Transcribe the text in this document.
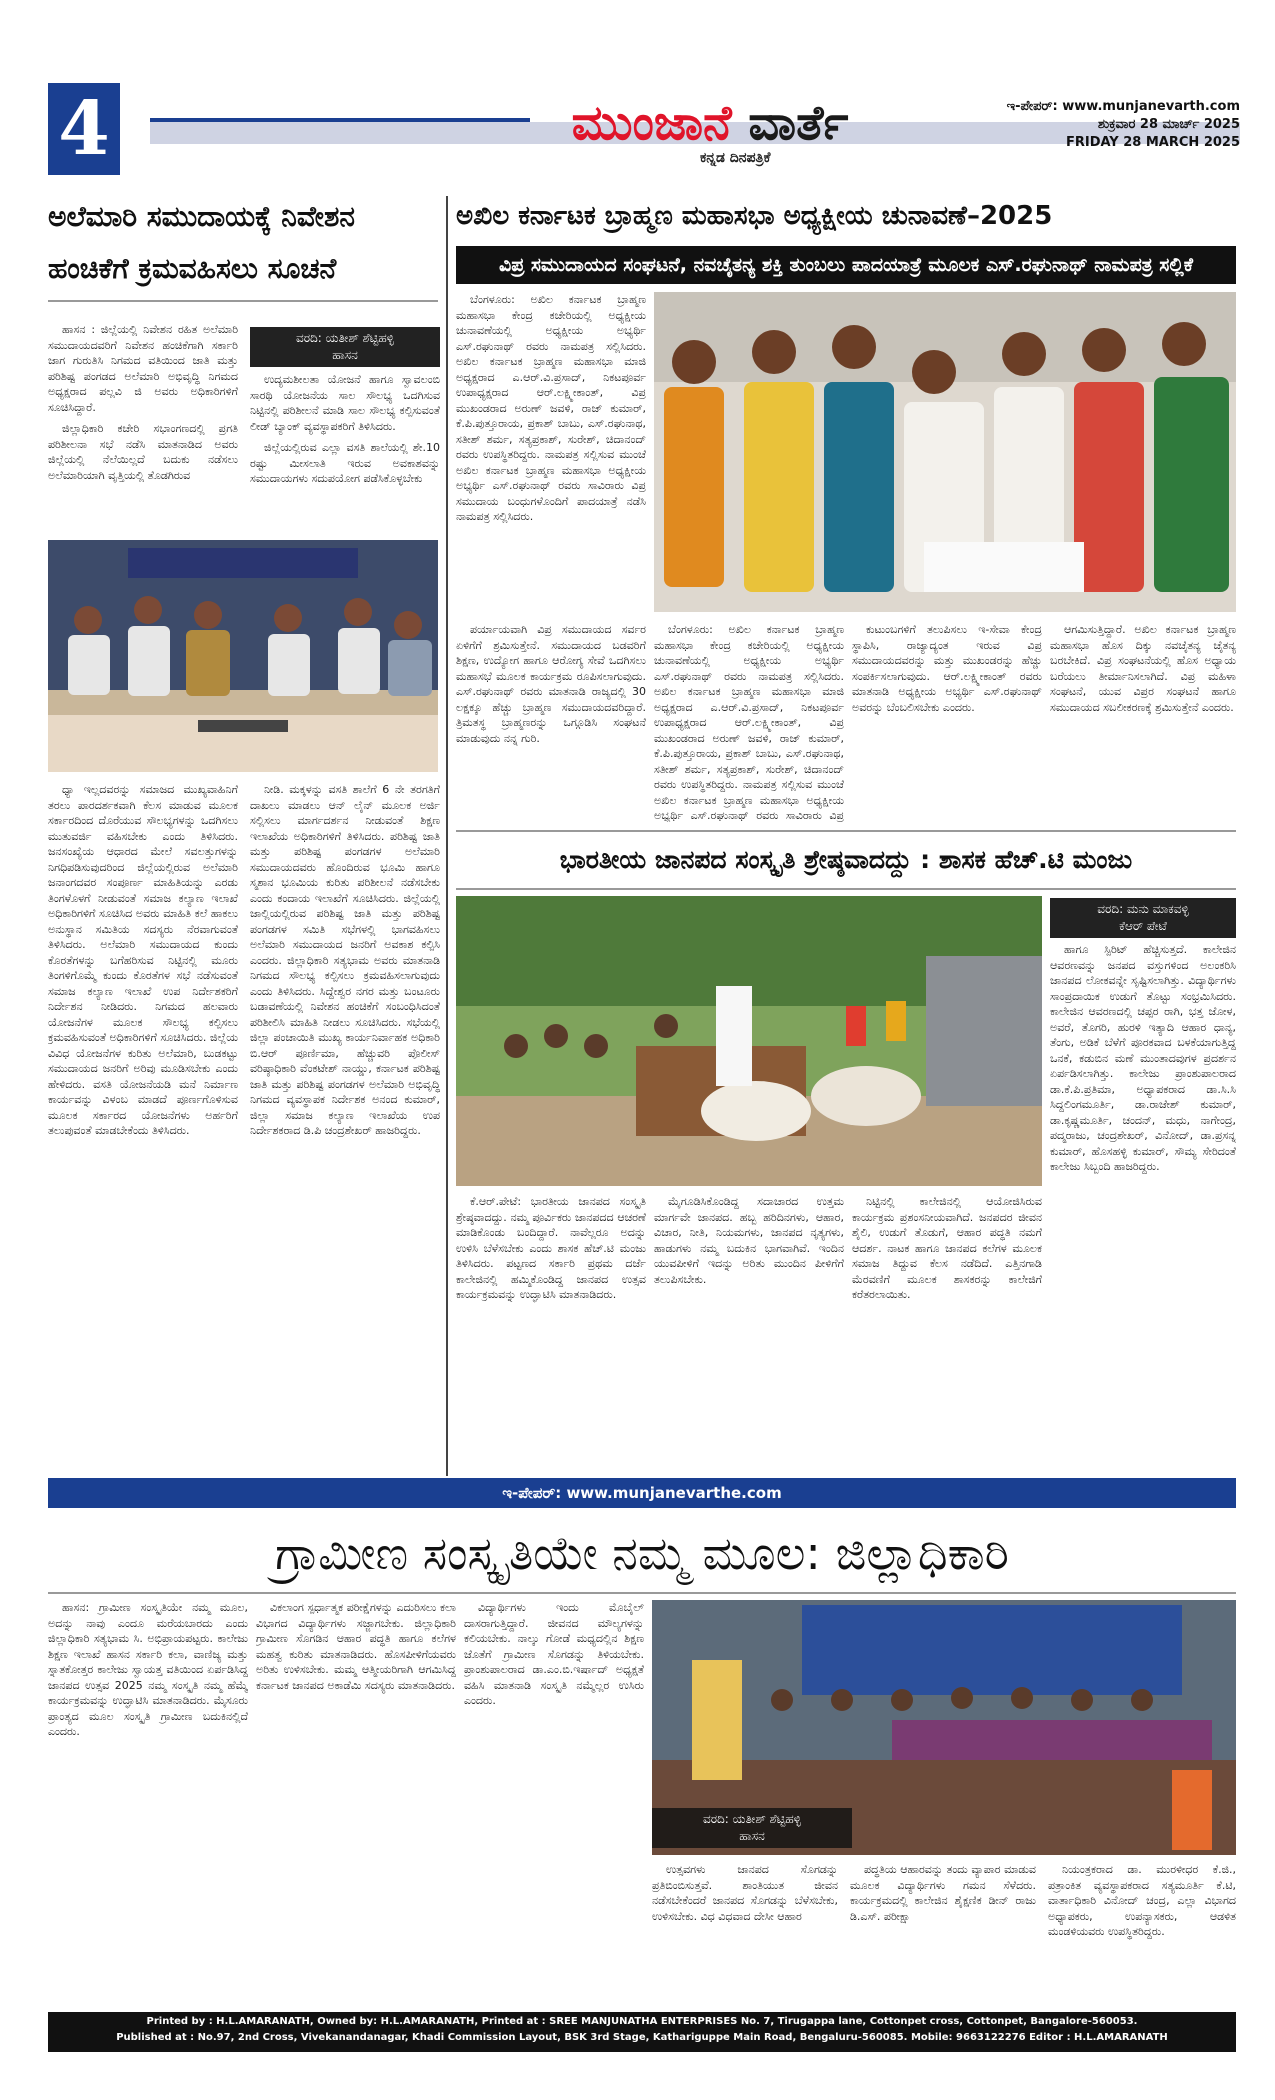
4	ಮುಂಜಾನೆ ವಾರ್ತೆ
ಕನ್ನಡ ದಿನಪತ್ರಿಕೆ
ಇ-ಪೇಪರ್: www.munjanevarth.com
ಶುಕ್ರವಾರ 28 ಮಾರ್ಚ್ 2025
FRIDAY 28 MARCH 2025
ಅಲೆಮಾರಿ ಸಮುದಾಯಕ್ಕೆ ನಿವೇಶನ
ಹಂಚಿಕೆಗೆ ಕ್ರಮವಹಿಸಲು ಸೂಚನೆ
ವರದಿ: ಯತೀಶ್ ಶೆಟ್ಟಿಹಳ್ಳಿ
ಹಾಸನ

ಹಾಸನ : ಜಿಲ್ಲೆಯಲ್ಲಿ ನಿವೇಶನ ರಹಿತ ಅಲೆಮಾರಿ ಸಮುದಾಯದವರಿಗೆ ನಿವೇಶನ ಹಂಚಿಕೆಗಾಗಿ ಸರ್ಕಾರಿ ಜಾಗ ಗುರುತಿಸಿ ನಿಗಮದ ವತಿಯಿಂದ ಜಾತಿ ಮತ್ತು ಪರಿಶಿಷ್ಟ ಪಂಗಡದ ಅಲೆಮಾರಿ ಅಭಿವೃದ್ಧಿ ನಿಗಮದ ಅಧ್ಯಕ್ಷರಾದ ಪಲ್ಲವಿ ಜಿ ಅವರು ಅಧಿಕಾರಿಗಳಿಗೆ ಸೂಚಿಸಿದ್ದಾರೆ.

ಜಿಲ್ಲಾಧಿಕಾರಿ ಕಚೇರಿ ಸಭಾಂಗಣದಲ್ಲಿ ಪ್ರಗತಿ ಪರಿಶೀಲನಾ ಸಭೆ ನಡೆಸಿ ಮಾತನಾಡಿದ ಅವರು ಜಿಲ್ಲೆಯಲ್ಲಿ ನೆಲೆಯಿಲ್ಲದೆ ಬದುಕು ನಡೆಸಲು ಅಲೆಮಾರಿಯಾಗಿ ವೃತ್ತಿಯಲ್ಲಿ ತೊಡಗಿರುವ

ಉದ್ಯಮಶೀಲತಾ ಯೋಜನೆ ಹಾಗೂ ಸ್ವಾವಲಂಬಿ ಸಾರಥಿ ಯೋಜನೆಯ ಸಾಲ ಸೌಲಭ್ಯ ಒದಗಿಸುವ ನಿಟ್ಟಿನಲ್ಲಿ ಪರಿಶೀಲನೆ ಮಾಡಿ ಸಾಲ ಸೌಲಭ್ಯ ಕಲ್ಪಿಸುವಂತೆ ಲೀಡ್ ಬ್ಯಾಂಕ್ ವ್ಯವಸ್ಥಾಪಕರಿಗೆ ತಿಳಿಸಿದರು.

ಜಿಲ್ಲೆಯಲ್ಲಿರುವ ಎಲ್ಲಾ ವಸತಿ ಶಾಲೆಯಲ್ಲಿ ಶೇ.10 ರಷ್ಟು ಮೀಸಲಾತಿ ಇರುವ ಅವಕಾಶವನ್ನು ಸಮುದಾಯಗಳು ಸದುಪಯೋಗ ಪಡೆಸಿಕೊಳ್ಳಬೇಕು

ಧ್ಯಾ ಇಲ್ಲದವರನ್ನು ಸಮಾಜದ ಮುಖ್ಯವಾಹಿನಿಗೆ ತರಲು ಪಾರದರ್ಶಕವಾಗಿ ಕೆಲಸ ಮಾಡುವ ಮೂಲಕ ಸರ್ಕಾರದಿಂದ ದೊರೆಯುವ ಸೌಲಭ್ಯಗಳನ್ನು ಒದಗಿಸಲು ಮುತುವರ್ಜಿ ವಹಿಸಬೇಕು ಎಂದು ತಿಳಿಸಿದರು. ಜನಸಂಖ್ಯೆಯ ಆಧಾರದ ಮೇಲೆ ಸವಲತ್ತುಗಳನ್ನು ನಿಗಧಿಪಡಿಸುವುದರಿಂದ ಜಿಲ್ಲೆಯಲ್ಲಿರುವ ಅಲೆಮಾರಿ ಜನಾಂಗದವರ ಸಂಪೂರ್ಣ ಮಾಹಿತಿಯನ್ನು ಎರಡು ತಿಂಗಳೊಳಗೆ ನೀಡುವಂತೆ ಸಮಾಜ ಕಲ್ಯಾಣ ಇಲಾಖೆ ಅಧಿಕಾರಿಗಳಿಗೆ ಸೂಚಿಸಿದ ಅವರು ಮಾಹಿತಿ ಕಲೆ ಹಾಕಲು ಅನುಸ್ಥಾನ ಸಮಿತಿಯ ಸದಸ್ಯರು ನೆರವಾಗುವಂತೆ ತಿಳಿಸಿದರು. ಅಲೆಮಾರಿ ಸಮುದಾಯದ ಕುಂದು ಕೊರತೆಗಳನ್ನು ಬಗೆಹರಿಸುವ ನಿಟ್ಟಿನಲ್ಲಿ ಮೂರು ತಿಂಗಳಿಗೊಮ್ಮೆ ಕುಂದು ಕೊರತೆಗಳ ಸಭೆ ನಡೆಸುವಂತೆ ಸಮಾಜ ಕಲ್ಯಾಣ ಇಲಾಖೆ ಉಪ ನಿರ್ದೇಶಕರಿಗೆ ನಿರ್ದೇಶನ ನೀಡಿದರು. ನಿಗಮದ ಹಲವಾರು ಯೋಜನೆಗಳ ಮೂಲಕ ಸೌಲಭ್ಯ ಕಲ್ಪಿಸಲು ಕ್ರಮವಹಿಸುವಂತೆ ಅಧಿಕಾರಿಗಳಿಗೆ ಸೂಚಿಸಿದರು. ಜಿಲ್ಲೆಯ ವಿವಿಧ ಯೋಜನೆಗಳ ಕುರಿತು ಅಲೆಮಾರಿ, ಬುಡಕಟ್ಟು ಸಮುದಾಯದ ಜನರಿಗೆ ಅರಿವು ಮೂಡಿಸಬೇಕು ಎಂದು ಹೇಳಿದರು. ವಸತಿ ಯೋಜನೆಯಡಿ ಮನೆ ನಿರ್ಮಾಣ ಕಾರ್ಯವನ್ನು ವಿಳಂಬ ಮಾಡದೆ ಪೂರ್ಣಗೊಳಿಸುವ ಮೂಲಕ ಸರ್ಕಾರದ ಯೋಜನೆಗಳು ಅರ್ಹರಿಗೆ ತಲುಪುವಂತೆ ಮಾಡಬೇಕೆಂದು ತಿಳಿಸಿದರು.

ನೀಡಿ. ಮಕ್ಕಳನ್ನು ವಸತಿ ಶಾಲೆಗೆ 6 ನೇ ತರಗತಿಗೆ ದಾಖಲು ಮಾಡಲು ಆನ್ ಲೈನ್ ಮೂಲಕ ಅರ್ಜಿ ಸಲ್ಲಿಸಲು ಮಾರ್ಗದರ್ಶನ ನೀಡುವಂತೆ ಶಿಕ್ಷಣ ಇಲಾಖೆಯ ಅಧಿಕಾರಿಗಳಿಗೆ ತಿಳಿಸಿದರು. ಪರಿಶಿಷ್ಟ ಜಾತಿ ಮತ್ತು ಪರಿಶಿಷ್ಟ ಪಂಗಡಗಳ ಅಲೆಮಾರಿ ಸಮುದಾಯದವರು ಹೊಂದಿರುವ ಭೂಮಿ ಹಾಗೂ ಸ್ಮಶಾನ ಭೂಮಿಯ ಕುರಿತು ಪರಿಶೀಲನೆ ನಡೆಸಬೇಕು ಎಂದು ಕಂದಾಯ ಇಲಾಖೆಗೆ ಸೂಚಿಸಿದರು. ಜಿಲ್ಲೆಯಲ್ಲಿ ಜಾಲ್ಲಿಯಲ್ಲಿರುವ ಪರಿಶಿಷ್ಟ ಜಾತಿ ಮತ್ತು ಪರಿಶಿಷ್ಟ ಪಂಗಡಗಳ ಸಮಿತಿ ಸಭೆಗಳಲ್ಲಿ ಭಾಗವಹಿಸಲು ಅಲೆಮಾರಿ ಸಮುದಾಯದ ಜನರಿಗೆ ಅವಕಾಶ ಕಲ್ಪಿಸಿ ಎಂದರು. ಜಿಲ್ಲಾಧಿಕಾರಿ ಸತ್ಯಭಾಮ ಅವರು ಮಾತನಾಡಿ ನಿಗಮದ ಸೌಲಭ್ಯ ಕಲ್ಪಿಸಲು ಕ್ರಮವಹಿಸಲಾಗುವುದು ಎಂದು ತಿಳಿಸಿದರು. ಸಿದ್ದೇಶ್ವರ ನಗರ ಮತ್ತು ಬಂಟೂರು ಬಡಾವಣೆಯಲ್ಲಿ ನಿವೇಶನ ಹಂಚಿಕೆಗೆ ಸಂಬಂಧಿಸಿದಂತೆ ಪರಿಶೀಲಿಸಿ ಮಾಹಿತಿ ನೀಡಲು ಸೂಚಿಸಿದರು. ಸಭೆಯಲ್ಲಿ ಜಿಲ್ಲಾ ಪಂಚಾಯಿತಿ ಮುಖ್ಯ ಕಾರ್ಯನಿರ್ವಾಹಕ ಅಧಿಕಾರಿ ಬಿ.ಆರ್ ಪೂರ್ಣಿಮಾ, ಹೆಚ್ಚುವರಿ ಪೊಲೀಸ್ ವರಿಷ್ಠಾಧಿಕಾರಿ ವೆಂಕಟೇಶ್ ನಾಯ್ಡು, ಕರ್ನಾಟಕ ಪರಿಶಿಷ್ಟ ಜಾತಿ ಮತ್ತು ಪರಿಶಿಷ್ಟ ಪಂಗಡಗಳ ಅಲೆಮಾರಿ ಅಭಿವೃದ್ಧಿ ನಿಗಮದ ವ್ಯವಸ್ಥಾಪಕ ನಿರ್ದೇಶಕ ಅನಂದ ಕುಮಾರ್, ಜಿಲ್ಲಾ ಸಮಾಜ ಕಲ್ಯಾಣ ಇಲಾಖೆಯ ಉಪ ನಿರ್ದೇಶಕರಾದ ಡಿ.ಪಿ ಚಂದ್ರಶೇಖರ್ ಹಾಜರಿದ್ದರು.

ಅಖಿಲ ಕರ್ನಾಟಕ ಬ್ರಾಹ್ಮಣ ಮಹಾಸಭಾ ಅಧ್ಯಕ್ಷೀಯ ಚುನಾವಣೆ–2025
ವಿಪ್ರ ಸಮುದಾಯದ ಸಂಘಟನೆ, ನವಚೈತನ್ಯ ಶಕ್ತಿ ತುಂಬಲು ಪಾದಯಾತ್ರೆ ಮೂಲಕ ಎಸ್.ರಘುನಾಥ್ ನಾಮಪತ್ರ ಸಲ್ಲಿಕೆ

ಬೆಂಗಳೂರು: ಅಖಿಲ ಕರ್ನಾಟಕ ಬ್ರಾಹ್ಮಣ ಮಹಾಸಭಾ ಕೇಂದ್ರ ಕಚೇರಿಯಲ್ಲಿ ಅಧ್ಯಕ್ಷೀಯ ಚುನಾವಣೆಯಲ್ಲಿ ಅಧ್ಯಕ್ಷೀಯ ಅಭ್ಯರ್ಥಿ ಎಸ್.ರಘುನಾಥ್ ರವರು ನಾಮಪತ್ರ ಸಲ್ಲಿಸಿದರು. ಅಖಿಲ ಕರ್ನಾಟಕ ಬ್ರಾಹ್ಮಣ ಮಹಾಸಭಾ ಮಾಜಿ ಅಧ್ಯಕ್ಷರಾದ ಎ.ಆರ್.ವಿ.ಪ್ರಸಾದ್, ನಿಕಟಪೂರ್ವ ಉಪಾಧ್ಯಕ್ಷರಾದ ಆರ್.ಲಕ್ಷ್ಮೀಕಾಂತ್, ವಿಪ್ರ ಮುಖಂಡರಾದ ಅರುಣ್ ಜವಳಿ, ರಾಜ್ ಕುಮಾರ್, ಕೆ.ಪಿ.ಪುತ್ತೂರಾಯ, ಪ್ರಕಾಶ್ ಬಾಬು, ಎಸ್.ರಘುನಾಥ, ಸತೀಶ್ ಶರ್ಮ, ಸತ್ಯಪ್ರಕಾಶ್, ಸುರೇಶ್, ಚಿದಾನಂದ್ ರವರು ಉಪಸ್ಥಿತರಿದ್ದರು. ನಾಮಪತ್ರ ಸಲ್ಲಿಸುವ ಮುಂಚೆ ಅಖಿಲ ಕರ್ನಾಟಕ ಬ್ರಾಹ್ಮಣ ಮಹಾಸಭಾ ಅಧ್ಯಕ್ಷೀಯ ಅಭ್ಯರ್ಥಿ ಎಸ್.ರಘುನಾಥ್ ರವರು ಸಾವಿರಾರು ವಿಪ್ರ ಸಮುದಾಯ ಬಂಧುಗಳೊಂದಿಗೆ ಪಾದಯಾತ್ರೆ ನಡೆಸಿ ನಾಮಪತ್ರ ಸಲ್ಲಿಸಿದರು.

ಪರ್ಯಾಯವಾಗಿ ವಿಪ್ರ ಸಮುದಾಯದ ಸರ್ವರ ಏಳಿಗೆಗೆ ಶ್ರಮಿಸುತ್ತೇನೆ. ಸಮುದಾಯದ ಬಡವರಿಗೆ ಶಿಕ್ಷಣ, ಉದ್ಯೋಗ ಹಾಗೂ ಆರೋಗ್ಯ ಸೇವೆ ಒದಗಿಸಲು ಮಹಾಸಭೆ ಮೂಲಕ ಕಾರ್ಯಕ್ರಮ ರೂಪಿಸಲಾಗುವುದು. ಎಸ್.ರಘುನಾಥ್ ರವರು ಮಾತನಾಡಿ ರಾಜ್ಯದಲ್ಲಿ 30 ಲಕ್ಷಕ್ಕೂ ಹೆಚ್ಚು ಬ್ರಾಹ್ಮಣ ಸಮುದಾಯದವರಿದ್ದಾರೆ. ತ್ರಿಮತಸ್ಥ ಬ್ರಾಹ್ಮಣರನ್ನು ಒಗ್ಗೂಡಿಸಿ ಸಂಘಟನೆ ಮಾಡುವುದು ನನ್ನ ಗುರಿ.

ಬೆಂಗಳೂರು: ಅಖಿಲ ಕರ್ನಾಟಕ ಬ್ರಾಹ್ಮಣ ಮಹಾಸಭಾ ಕೇಂದ್ರ ಕಚೇರಿಯಲ್ಲಿ ಅಧ್ಯಕ್ಷೀಯ ಚುನಾವಣೆಯಲ್ಲಿ ಅಧ್ಯಕ್ಷೀಯ ಅಭ್ಯರ್ಥಿ ಎಸ್.ರಘುನಾಥ್ ರವರು ನಾಮಪತ್ರ ಸಲ್ಲಿಸಿದರು. ಅಖಿಲ ಕರ್ನಾಟಕ ಬ್ರಾಹ್ಮಣ ಮಹಾಸಭಾ ಮಾಜಿ ಅಧ್ಯಕ್ಷರಾದ ಎ.ಆರ್.ವಿ.ಪ್ರಸಾದ್, ನಿಕಟಪೂರ್ವ ಉಪಾಧ್ಯಕ್ಷರಾದ ಆರ್.ಲಕ್ಷ್ಮೀಕಾಂತ್, ವಿಪ್ರ ಮುಖಂಡರಾದ ಅರುಣ್ ಜವಳಿ, ರಾಜ್ ಕುಮಾರ್, ಕೆ.ಪಿ.ಪುತ್ತೂರಾಯ, ಪ್ರಕಾಶ್ ಬಾಬು, ಎಸ್.ರಘುನಾಥ, ಸತೀಶ್ ಶರ್ಮ, ಸತ್ಯಪ್ರಕಾಶ್, ಸುರೇಶ್, ಚಿದಾನಂದ್ ರವರು ಉಪಸ್ಥಿತರಿದ್ದರು. ನಾಮಪತ್ರ ಸಲ್ಲಿಸುವ ಮುಂಚೆ ಅಖಿಲ ಕರ್ನಾಟಕ ಬ್ರಾಹ್ಮಣ ಮಹಾಸಭಾ ಅಧ್ಯಕ್ಷೀಯ ಅಭ್ಯರ್ಥಿ ಎಸ್.ರಘುನಾಥ್ ರವರು ಸಾವಿರಾರು ವಿಪ್ರ

ಕುಟುಂಬಗಳಿಗೆ ತಲುಪಿಸಲು ಇ-ಸೇವಾ ಕೇಂದ್ರ ಸ್ಥಾಪಿಸಿ, ರಾಜ್ಯಾದ್ಯಂತ ಇರುವ ವಿಪ್ರ ಸಮುದಾಯದವರನ್ನು ಮತ್ತು ಮುಖಂಡರನ್ನು ಹೆಚ್ಚು ಸಂಪರ್ಕಿಸಲಾಗುವುದು. ಆರ್.ಲಕ್ಷ್ಮೀಕಾಂತ್ ರವರು ಮಾತನಾಡಿ ಅಧ್ಯಕ್ಷೀಯ ಅಭ್ಯರ್ಥಿ ಎಸ್.ರಘುನಾಥ್ ಅವರನ್ನು ಬೆಂಬಲಿಸಬೇಕು ಎಂದರು.

ಆಗಮಿಸುತ್ತಿದ್ದಾರೆ. ಅಖಿಲ ಕರ್ನಾಟಕ ಬ್ರಾಹ್ಮಣ ಮಹಾಸಭಾ ಹೊಸ ದಿಕ್ಕು ನವಚೈತನ್ಯ ಚೈತನ್ಯ ಬರಬೇಕಿದೆ. ವಿಪ್ರ ಸಂಘಟನೆಯಲ್ಲಿ ಹೊಸ ಅಧ್ಯಾಯ ಬರೆಯಲು ತೀರ್ಮಾನಿಸಲಾಗಿದೆ. ವಿಪ್ರ ಮಹಿಳಾ ಸಂಘಟನೆ, ಯುವ ವಿಪ್ರರ ಸಂಘಟನೆ ಹಾಗೂ ಸಮುದಾಯದ ಸಬಲೀಕರಣಕ್ಕೆ ಶ್ರಮಿಸುತ್ತೇನೆ ಎಂದರು.

ಭಾರತೀಯ ಜಾನಪದ ಸಂಸ್ಕೃತಿ ಶ್ರೇಷ್ಠವಾದದ್ದು : ಶಾಸಕ ಹೆಚ್.ಟಿ ಮಂಜು
ವರದಿ: ಮನು ಮಾಕವಳ್ಳಿ
ಕೆಆರ್ ಪೇಟೆ

ಹಾಗೂ ಸ್ಪಿರಿಟ್ ಹೆಚ್ಚಿಸುತ್ತದೆ. ಕಾಲೇಜಿನ ಆವರಣವನ್ನು ಜನಪದ ವಸ್ತುಗಳಿಂದ ಅಲಂಕರಿಸಿ ಜಾನಪದ ಲೋಕವನ್ನೇ ಸೃಷ್ಟಿಸಲಾಗಿತ್ತು. ವಿದ್ಯಾರ್ಥಿಗಳು ಸಾಂಪ್ರದಾಯಿಕ ಉಡುಗೆ ತೊಟ್ಟು ಸಂಭ್ರಮಿಸಿದರು. ಕಾಲೇಜಿನ ಆವರಣದಲ್ಲಿ ಚಪ್ಪರ ರಾಗಿ, ಭತ್ತ ಜೋಳ, ಅವರೆ, ತೊಗರಿ, ಹುರಳಿ ಇತ್ಯಾದಿ ಆಹಾರ ಧಾನ್ಯ, ತೆಂಗು, ಅಡಿಕೆ ಬೆಳೆಗೆ ಪೂರಕವಾದ ಬಳಕೆಯಾಗುತ್ತಿದ್ದ ಒನಕೆ, ಕಡುಬಿನ ಮಣೆ ಮುಂತಾದವುಗಳ ಪ್ರದರ್ಶನ ಏರ್ಪಡಿಸಲಾಗಿತ್ತು. ಕಾಲೇಜು ಪ್ರಾಂಶುಪಾಲರಾದ ಡಾ.ಕೆ.ಪಿ.ಪ್ರತಿಮಾ, ಅಧ್ಯಾಪಕರಾದ ಡಾ.ಸಿ.ಸಿ ಸಿದ್ದಲಿಂಗಮೂರ್ತಿ, ಡಾ.ರಾಜೇಶ್ ಕುಮಾರ್, ಡಾ.ಕೃಷ್ಣಮೂರ್ತಿ, ಚಂದನ್, ಮಧು, ನಾಗೇಂದ್ರ, ಪದ್ಮರಾಜು, ಚಂದ್ರಶೇಖರ್, ವಿನೋದ್, ಡಾ.ಪ್ರಸನ್ನ ಕುಮಾರ್, ಹೊಸಹಳ್ಳಿ ಕುಮಾರ್, ಸೌಮ್ಯ ಸೇರಿದಂತೆ ಕಾಲೇಜು ಸಿಬ್ಬಂದಿ ಹಾಜರಿದ್ದರು.

ಕೆ.ಆರ್.ಪೇಟೆ: ಭಾರತೀಯ ಜಾನಪದ ಸಂಸ್ಕೃತಿ ಶ್ರೇಷ್ಠವಾದದ್ದು. ನಮ್ಮ ಪೂರ್ವಿಕರು ಜಾನಪದದ ಆಚರಣೆ ಮಾಡಿಕೊಂಡು ಬಂದಿದ್ದಾರೆ. ನಾವೆಲ್ಲರೂ ಅದನ್ನು ಉಳಿಸಿ ಬೆಳೆಸಬೇಕು ಎಂದು ಶಾಸಕ ಹೆಚ್.ಟಿ ಮಂಜು ತಿಳಿಸಿದರು. ಪಟ್ಟಣದ ಸರ್ಕಾರಿ ಪ್ರಥಮ ದರ್ಜೆ ಕಾಲೇಜಿನಲ್ಲಿ ಹಮ್ಮಿಕೊಂಡಿದ್ದ ಜಾನಪದ ಉತ್ಸವ ಕಾರ್ಯಕ್ರಮವನ್ನು ಉದ್ಘಾಟಿಸಿ ಮಾತನಾಡಿದರು.

ಮೈಗೂಡಿಸಿಕೊಂಡಿದ್ದ ಸದಾಚಾರದ ಉತ್ತಮ ಮಾರ್ಗವೇ ಜಾನಪದ. ಹಬ್ಬ ಹರಿದಿನಗಳು, ಆಹಾರ, ವಿಚಾರ, ನೀತಿ, ನಿಯಮಗಳು, ಜಾನಪದ ನೃತ್ಯಗಳು, ಹಾಡುಗಳು ನಮ್ಮ ಬದುಕಿನ ಭಾಗವಾಗಿವೆ. ಇಂದಿನ ಯುವಪೀಳಿಗೆ ಇದನ್ನು ಅರಿತು ಮುಂದಿನ ಪೀಳಿಗೆಗೆ ತಲುಪಿಸಬೇಕು.

ನಿಟ್ಟಿನಲ್ಲಿ ಕಾಲೇಜಿನಲ್ಲಿ ಆಯೋಜಿಸಿರುವ ಕಾರ್ಯಕ್ರಮ ಪ್ರಶಂಸನೀಯವಾಗಿದೆ. ಜನಪದರ ಜೀವನ ಶೈಲಿ, ಉಡುಗೆ ತೊಡುಗೆ, ಆಹಾರ ಪದ್ಧತಿ ನಮಗೆ ಆದರ್ಶ. ನಾಟಕ ಹಾಗೂ ಜಾನಪದ ಕಲೆಗಳ ಮೂಲಕ ಸಮಾಜ ತಿದ್ದುವ ಕೆಲಸ ನಡೆದಿದೆ. ಎತ್ತಿನಗಾಡಿ ಮೆರವಣಿಗೆ ಮೂಲಕ ಶಾಸಕರನ್ನು ಕಾಲೇಜಿಗೆ ಕರೆತರಲಾಯಿತು.

ಇ-ಪೇಪರ್: www.munjanevarthe.com
ಗ್ರಾಮೀಣ ಸಂಸ್ಕೃತಿಯೇ ನಮ್ಮ ಮೂಲ: ಜಿಲ್ಲಾಧಿಕಾರಿ

ಹಾಸನ: ಗ್ರಾಮೀಣ ಸಂಸ್ಕೃತಿಯೇ ನಮ್ಮ ಮೂಲ, ಅದನ್ನು ನಾವು ಎಂದೂ ಮರೆಯಬಾರದು ಎಂದು ಜಿಲ್ಲಾಧಿಕಾರಿ ಸತ್ಯಭಾಮ ಸಿ. ಅಭಿಪ್ರಾಯಪಟ್ಟರು. ಕಾಲೇಜು ಶಿಕ್ಷಣ ಇಲಾಖೆ ಹಾಸನ ಸರ್ಕಾರಿ ಕಲಾ, ವಾಣಿಜ್ಯ ಮತ್ತು ಸ್ನಾತಕೋತ್ತರ ಕಾಲೇಜು ಸ್ವಾಯತ್ತ ವತಿಯಿಂದ ಏರ್ಪಡಿಸಿದ್ದ ಜಾನಪದ ಉತ್ಸವ 2025 ನಮ್ಮ ಸಂಸ್ಕೃತಿ ನಮ್ಮ ಹೆಮ್ಮೆ ಕಾರ್ಯಕ್ರಮವನ್ನು ಉದ್ಘಾಟಿಸಿ ಮಾತನಾಡಿದರು. ಮೈಸೂರು ಪ್ರಾಂತ್ಯದ ಮೂಲ ಸಂಸ್ಕೃತಿ ಗ್ರಾಮೀಣ ಬದುಕಿನಲ್ಲಿದೆ ಎಂದರು.

ವಿಕಲಾಂಗ ಸ್ಪರ್ಧಾತ್ಮಕ ಪರೀಕ್ಷೆಗಳನ್ನು ಎದುರಿಸಲು ಕಲಾ ವಿಭಾಗದ ವಿದ್ಯಾರ್ಥಿಗಳು ಸಜ್ಜಾಗಬೇಕು. ಜಿಲ್ಲಾಧಿಕಾರಿ ಗ್ರಾಮೀಣ ಸೊಗಡಿನ ಆಹಾರ ಪದ್ಧತಿ ಹಾಗೂ ಕಲೆಗಳ ಮಹತ್ವ ಕುರಿತು ಮಾತನಾಡಿದರು. ಹೊಸಪೀಳಿಗೆಯವರು ಅರಿತು ಉಳಿಸಬೇಕು. ಮಮ್ಮ ಆತ್ಮೀಯರಿಗಾಗಿ ಆಗಮಿಸಿದ್ದ ಕರ್ನಾಟಕ ಜಾನಪದ ಅಕಾಡೆಮಿ ಸದಸ್ಯರು ಮಾತನಾಡಿದರು.

ವಿದ್ಯಾರ್ಥಿಗಳು ಇಂದು ಮೊಬೈಲ್ ದಾಸರಾಗುತ್ತಿದ್ದಾರೆ. ಜೀವನದ ಮೌಲ್ಯಗಳನ್ನು ಕಲಿಯಬೇಕು. ನಾಲ್ಕು ಗೋಡೆ ಮಧ್ಯದಲ್ಲಿನ ಶಿಕ್ಷಣ ಜೊತೆಗೆ ಗ್ರಾಮೀಣ ಸೊಗಡನ್ನು ತಿಳಿಯಬೇಕು. ಪ್ರಾಂಶುಪಾಲರಾದ ಡಾ.ಎಂ.ಬಿ.ಇರ್ಷಾದ್ ಅಧ್ಯಕ್ಷತೆ ವಹಿಸಿ ಮಾತನಾಡಿ ಸಂಸ್ಕೃತಿ ನಮ್ಮೆಲ್ಲರ ಉಸಿರು ಎಂದರು.

ವರದಿ: ಯತೀಶ್ ಶೆಟ್ಟಿಹಳ್ಳಿ
ಹಾಸನ

ಉತ್ಸವಗಳು ಜಾನಪದ ಸೊಗಡನ್ನು ಪ್ರತಿಬಿಂಬಿಸುತ್ತವೆ. ಶಾಂತಿಯುತ ಜೀವನ ನಡೆಸಬೇಕೆಂದರೆ ಜಾನಪದ ಸೊಗಡನ್ನು ಬೆಳೆಸಬೇಕು, ಉಳಿಸಬೇಕು. ವಿಧ ವಿಧವಾದ ದೇಸೀ ಆಹಾರ

ಪದ್ಧತಿಯ ಆಹಾರವನ್ನು ತಂದು ವ್ಯಾಪಾರ ಮಾಡುವ ಮೂಲಕ ವಿದ್ಯಾರ್ಥಿಗಳು ಗಮನ ಸೆಳೆದರು. ಕಾರ್ಯಕ್ರಮದಲ್ಲಿ ಕಾಲೇಜಿನ ಶೈಕ್ಷಣಿಕ ಡೀನ್ ರಾಜು ಡಿ.ಎಸ್. ಪರೀಕ್ಷಾ

ನಿಯಂತ್ರಕರಾದ ಡಾ. ಮುರಳೀಧರ ಕೆ.ಜಿ., ಪತ್ರಾಂಕಿತ ವ್ಯವಸ್ಥಾಪಕರಾದ ಸತ್ಯಮೂರ್ತಿ ಕೆ.ಟಿ, ವಾರ್ತಾಧಿಕಾರಿ ವಿನೋದ್ ಚಂದ್ರ, ಎಲ್ಲಾ ವಿಭಾಗದ ಅಧ್ಯಾಪಕರು, ಉಪನ್ಯಾಸಕರು, ಆಡಳಿತ ಮಂಡಳಿಯವರು ಉಪಸ್ಥಿತರಿದ್ದರು.

Printed by : H.L.AMARANATH, Owned by: H.L.AMARANATH, Printed at : SREE MANJUNATHA ENTERPRISES No. 7, Tirugappa lane, Cottonpet cross, Cottonpet, Bangalore-560053.
Published at : No.97, 2nd Cross, Vivekanandanagar, Khadi Commission Layout, BSK 3rd Stage, Kathariguppe Main Road, Bengaluru-560085. Mobile: 9663122276 Editor : H.L.AMARANATH
